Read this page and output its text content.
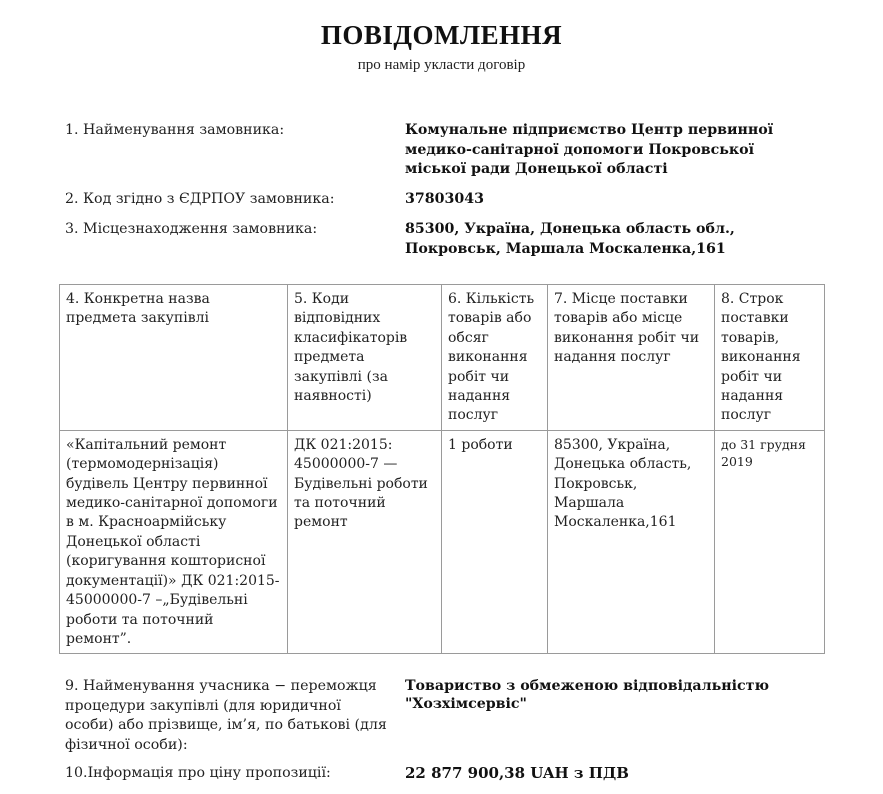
ПОВІДОМЛЕННЯ
про намір укласти договір
1. Найменування замовника:	Комунальне підприємство Центр первинної медико-санітарної допомоги Покровської міської ради Донецької області
2. Код згідно з ЄДРПОУ замовника:	37803043
3. Місцезнаходження замовника:	85300, Україна, Донецька область обл., Покровськ, Маршала Москаленка,161
4. Конкретна назва предмета закупівлі	5. Коди відповідних класифікаторів предмета закупівлі (за наявності)	6. Кількість товарів або обсяг виконання робіт чи надання послуг	7. Місце поставки товарів або місце виконання робіт чи надання послуг	8. Строк поставки товарів, виконання робіт чи надання послуг
«Капітальний ремонт (термомодернізація) будівель Центру первинної медико-санітарної допомоги в м. Красноармійську Донецької області (коригування кошторисної документації)» ДК 021:2015-45000000-7 –„Будівельні роботи та поточний ремонт”.	ДК 021:2015: 45000000-7 — Будівельні роботи та поточний ремонт	1 роботи	85300, Україна, Донецька область, Покровськ, Маршала Москаленка,161	до 31 грудня 2019
9. Найменування учасника − переможця процедури закупівлі (для юридичної особи) або прізвище, ім’я, по батькові (для фізичної особи):
Товариство з обмеженою відповідальністю "Хозхімсервіс"
10.Інформація про ціну пропозиції:	22 877 900,38 UAH з ПДВ
